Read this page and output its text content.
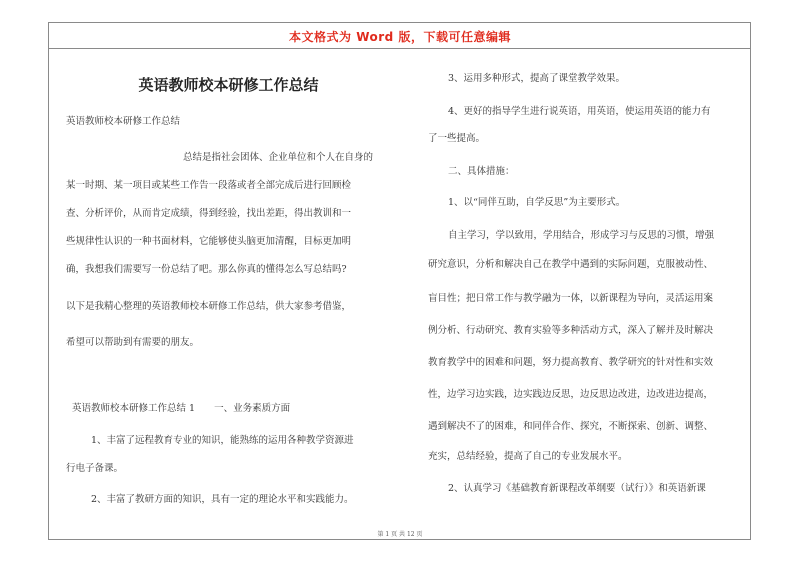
本文格式为 Word 版，下载可任意编辑
英语教师校本研修工作总结
英语教师校本研修工作总结
总结是指社会团体、企业单位和个人在自身的
某一时期、某一项目或某些工作告一段落或者全部完成后进行回顾检
查、分析评价，从而肯定成绩，得到经验，找出差距，得出教训和一
些规律性认识的一种书面材料，它能够使头脑更加清醒，目标更加明
确，我想我们需要写一份总结了吧。那么你真的懂得怎么写总结吗?
以下是我精心整理的英语教师校本研修工作总结，供大家参考借鉴，
希望可以帮助到有需要的朋友。
英语教师校本研修工作总结 1　　一、业务素质方面
1、丰富了远程教育专业的知识，能熟练的运用各种教学资源进
行电子备课。
2、丰富了教研方面的知识，具有一定的理论水平和实践能力。
3、运用多种形式，提高了课堂教学效果。
4、更好的指导学生进行说英语，用英语，使运用英语的能力有
了一些提高。
二、具体措施：
1、以“同伴互助，自学反思”为主要形式。
自主学习，学以致用，学用结合，形成学习与反思的习惯，增强
研究意识，分析和解决自己在教学中遇到的实际问题，克服被动性、
盲目性；把日常工作与教学融为一体，以新课程为导向，灵活运用案
例分析、行动研究、教育实验等多种活动方式，深入了解并及时解决
教育教学中的困难和问题，努力提高教育、教学研究的针对性和实效
性，边学习边实践，边实践边反思，边反思边改进，边改进边提高，
遇到解决不了的困难，和同伴合作、探究，不断探索、创新、调整、
充实，总结经验，提高了自己的专业发展水平。
2、认真学习《基础教育新课程改革纲要（试行）》和英语新课
第 1 页 共 12 页
